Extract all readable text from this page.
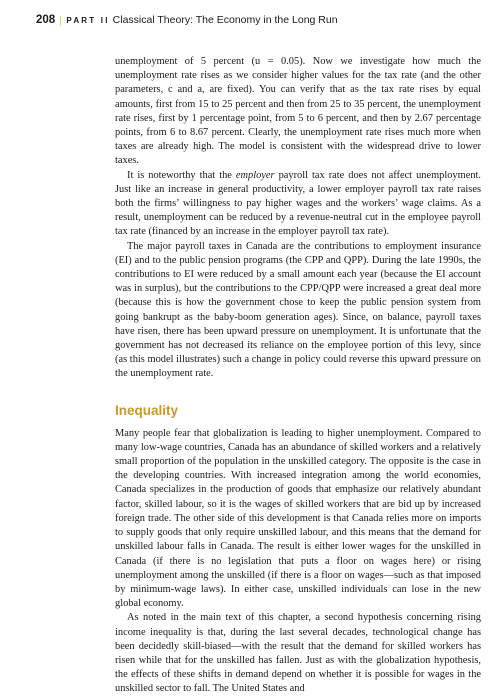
208 | PART II Classical Theory: The Economy in the Long Run

unemployment of 5 percent (u = 0.05). Now we investigate how much the unemployment rate rises as we consider higher values for the tax rate (and the other parameters, c and a, are fixed). You can verify that as the tax rate rises by equal amounts, first from 15 to 25 percent and then from 25 to 35 percent, the unemployment rate rises, first by 1 percentage point, from 5 to 6 percent, and then by 2.67 percentage points, from 6 to 8.67 percent. Clearly, the unemployment rate rises much more when taxes are already high. The model is consistent with the widespread drive to lower taxes.

It is noteworthy that the employer payroll tax rate does not affect unemployment. Just like an increase in general productivity, a lower employer payroll tax rate raises both the firms’ willingness to pay higher wages and the workers’ wage claims. As a result, unemployment can be reduced by a revenue-neutral cut in the employee payroll tax rate (financed by an increase in the employer payroll tax rate).

The major payroll taxes in Canada are the contributions to employment insurance (EI) and to the public pension programs (the CPP and QPP). During the late 1990s, the contributions to EI were reduced by a small amount each year (because the EI account was in surplus), but the contributions to the CPP/QPP were increased a great deal more (because this is how the government chose to keep the public pension system from going bankrupt as the baby-boom generation ages). Since, on balance, payroll taxes have risen, there has been upward pressure on unemployment. It is unfortunate that the government has not decreased its reliance on the employee portion of this levy, since (as this model illustrates) such a change in policy could reverse this upward pressure on the unemployment rate.

Inequality

Many people fear that globalization is leading to higher unemployment. Compared to many low-wage countries, Canada has an abundance of skilled workers and a relatively small proportion of the population in the unskilled category. The opposite is the case in the developing countries. With increased integration among the world economies, Canada specializes in the production of goods that emphasize our relatively abundant factor, skilled labour, so it is the wages of skilled workers that are bid up by increased foreign trade. The other side of this development is that Canada relies more on imports to supply goods that only require unskilled labour, and this means that the demand for unskilled labour falls in Canada. The result is either lower wages for the unskilled in Canada (if there is no legislation that puts a floor on wages here) or rising unemployment among the unskilled (if there is a floor on wages—such as that imposed by minimum-wage laws). In either case, unskilled individuals can lose in the new global economy.

As noted in the main text of this chapter, a second hypothesis concerning rising income inequality is that, during the last several decades, technological change has been decidedly skill-biased—with the result that the demand for skilled workers has risen while that for the unskilled has fallen. Just as with the globalization hypothesis, the effects of these shifts in demand depend on whether it is possible for wages in the unskilled sector to fall. The United States and
